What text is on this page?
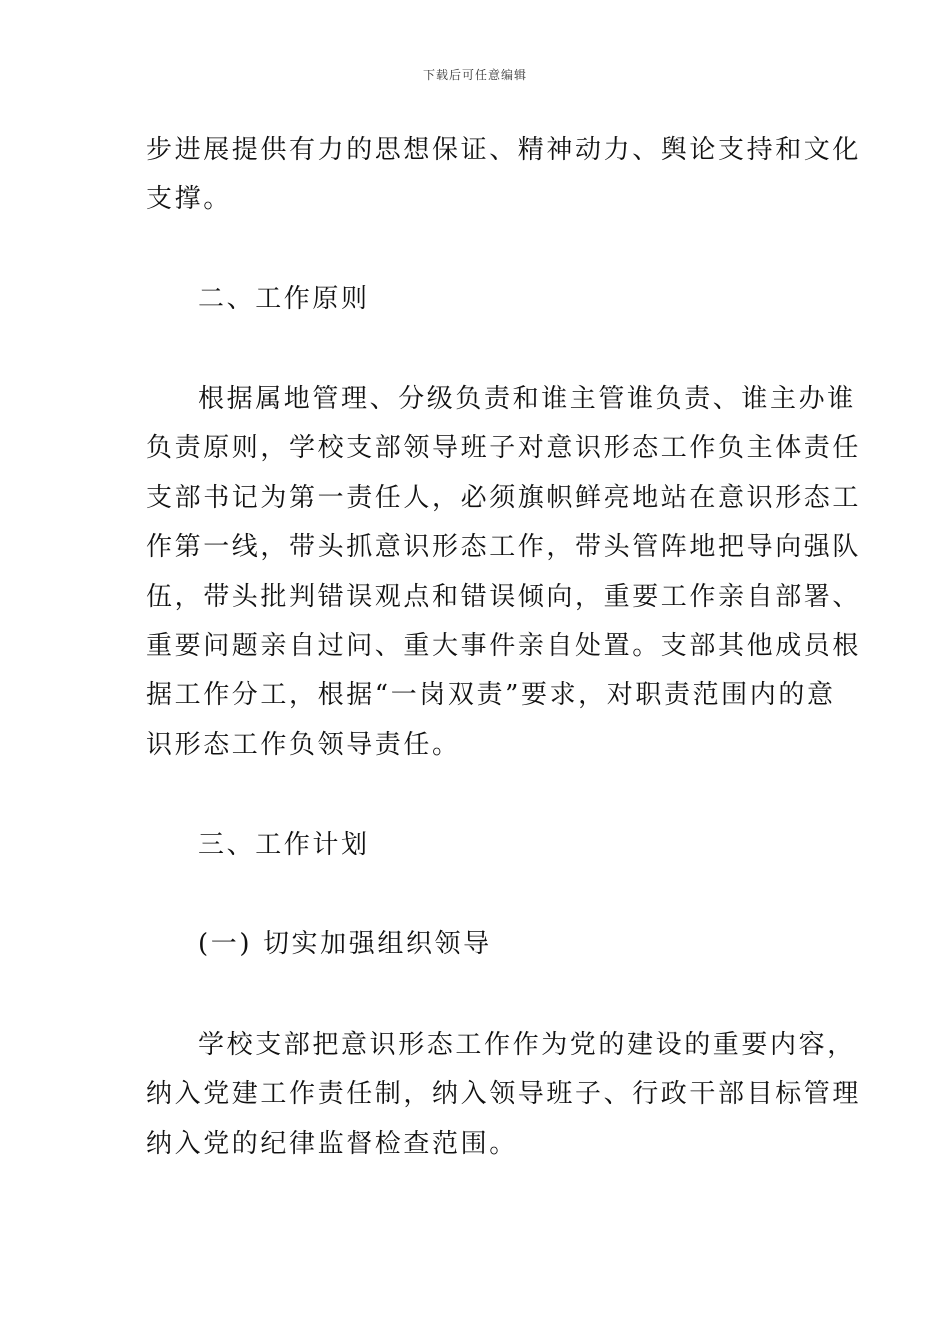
下载后可任意编辑
步进展提供有力的思想保证、精神动力、舆论支持和文化
支撑。
二、工作原则
根据属地管理、分级负责和谁主管谁负责、谁主办谁
负责原则，学校支部领导班子对意识形态工作负主体责任
支部书记为第一责任人，必须旗帜鲜亮地站在意识形态工
作第一线，带头抓意识形态工作，带头管阵地把导向强队
伍，带头批判错误观点和错误倾向，重要工作亲自部署、
重要问题亲自过问、重大事件亲自处置。支部其他成员根
据工作分工，根据“一岗双责”要求，对职责范围内的意
识形态工作负领导责任。
三、工作计划
(一) 切实加强组织领导
学校支部把意识形态工作作为党的建设的重要内容，
纳入党建工作责任制，纳入领导班子、行政干部目标管理
纳入党的纪律监督检查范围。
